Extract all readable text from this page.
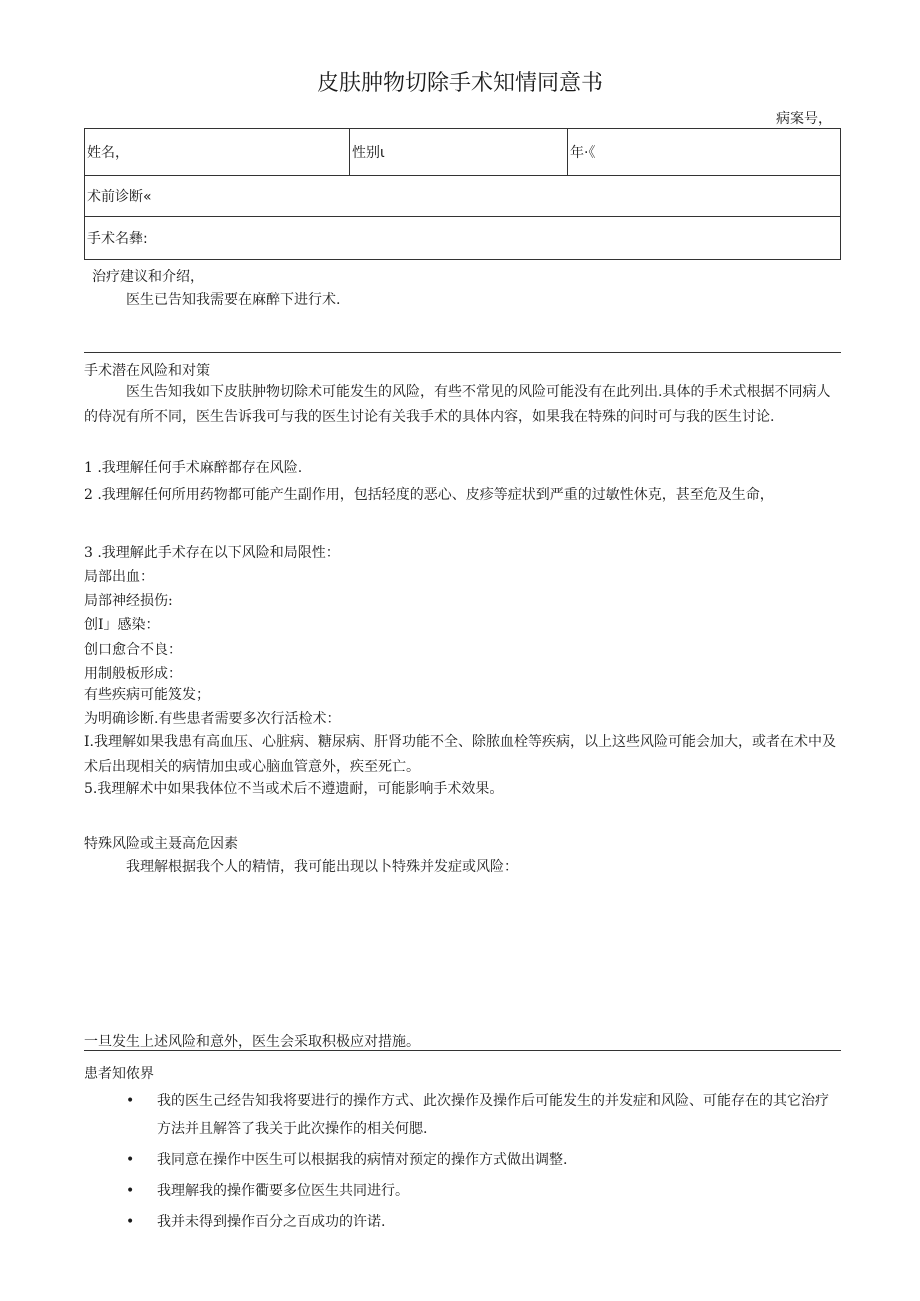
皮肤肿物切除手术知情同意书
病案号，
姓名，	性别ι	年·《
术前诊断«
手术名彝:
治疗建议和介绍，
医生已告知我需要在麻醉下进行术.
手术潜在风险和对策
医生告知我如下皮肤肿物切除术可能发生的风险，有些不常见的风险可能没有在此列出.具体的手术式根据不同病人的侍况有所不同，医生告诉我可与我的医生讨论有关我手术的具体内容，如果我在特殊的问时可与我的医生讨论.
1 .我理解任何手术麻醉都存在风险.
2 .我理解任何所用药物都可能产生副作用，包括轻度的恶心、皮疹等症状到严重的过敏性休克，甚至危及生命，
3 .我理解此手术存在以下风险和局限性：
局部出血：
局部神经损伤:
创I」感染：
创口愈合不良：
用制般板形成：
有些疾病可能笈发；
为明确诊断.有些患者需要多次行活检术：
I.我理解如果我患有高血压、心脏病、糖尿病、肝肾功能不全、除脓血栓等疾病，以上这些风险可能会加大，或者在术中及术后出现相关的病情加虫或心脑血管意外，疾至死亡。
5.我理解术中如果我体位不当或术后不遵遗耐，可能影响手术效果。
特殊风险或主聂高危因素
我理解根据我个人的精情，我可能出现以卜特殊并发症或风险：
一旦发生上述风险和意外，医生会采取积极应对措施。
患者知侬界
• 我的医生己经告知我将要进行的操作方式、此次操作及操作后可能发生的并发症和风险、可能存在的其它治疗方法并且解答了我关于此次操作的相关何腮.
• 我同意在操作中医生可以根据我的病情对预定的操作方式做出调整.
• 我理解我的操作衢要多位医生共同进行。
• 我并未得到操作百分之百成功的许诺.
